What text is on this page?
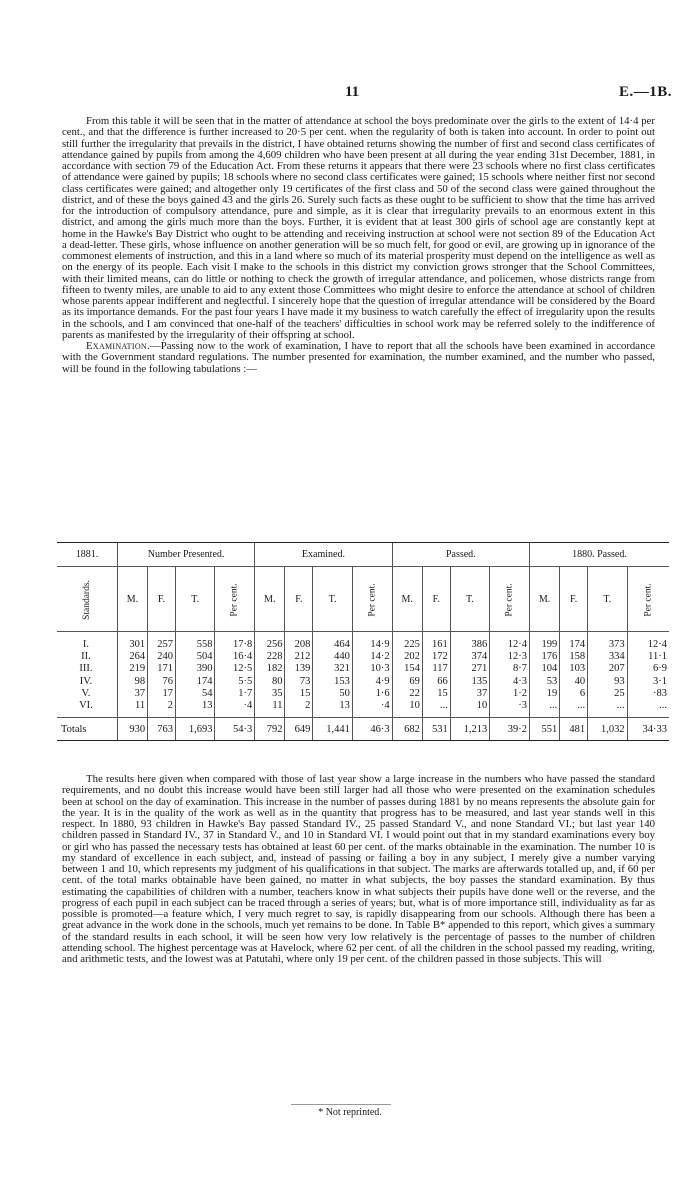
11	E.—1B.

From this table it will be seen that in the matter of attendance at school the boys predominate over the girls to the extent of 14·4 per cent., and that the difference is further increased to 20·5 per cent. when the regularity of both is taken into account. In order to point out still further the irregularity that prevails in the district, I have obtained returns showing the number of first and second class certificates of attendance gained by pupils from among the 4,609 children who have been present at all during the year ending 31st December, 1881, in accordance with section 79 of the Education Act. From these returns it appears that there were 23 schools where no first class certificates of attendance were gained by pupils; 18 schools where no second class certificates were gained; 15 schools where neither first nor second class certificates were gained; and altogether only 19 certificates of the first class and 50 of the second class were gained throughout the district, and of these the boys gained 43 and the girls 26. Surely such facts as these ought to be sufficient to show that the time has arrived for the introduction of compulsory attendance, pure and simple, as it is clear that irregularity prevails to an enormous extent in this district, and among the girls much more than the boys. Further, it is evident that at least 300 girls of school age are constantly kept at home in the Hawke's Bay District who ought to be attending and receiving instruction at school were not section 89 of the Education Act a dead-letter. These girls, whose influence on another generation will be so much felt, for good or evil, are growing up in ignorance of the commonest elements of instruction, and this in a land where so much of its material prosperity must depend on the intelligence as well as on the energy of its people. Each visit I make to the schools in this district my conviction grows stronger that the School Committees, with their limited means, can do little or nothing to check the growth of irregular attendance, and policemen, whose districts range from fifteen to twenty miles, are unable to aid to any extent those Committees who might desire to enforce the attendance at school of children whose parents appear indifferent and neglectful. I sincerely hope that the question of irregular attendance will be considered by the Board as its importance demands. For the past four years I have made it my business to watch carefully the effect of irregularity upon the results in the schools, and I am convinced that one-half of the teachers' difficulties in school work may be referred solely to the indifference of parents as manifested by the irregularity of their offspring at school.

Examination.—Passing now to the work of examination, I have to report that all the schools have been examined in accordance with the Government standard regulations. The number presented for examination, the number examined, and the number who passed, will be found in the following tabulations :—

1881.	Number Presented.				Examined.				Passed.				1880. Passed.			
Standards.	M.	F.	T.	Per cent.	M.	F.	T.	Per cent.	M.	F.	T.	Per cent.	M.	F.	T.	Per cent.
I.	301	257	558	17·8	256	208	464	14·9	225	161	386	12·4	199	174	373	12·4
II.	264	240	504	16·4	228	212	440	14·2	202	172	374	12·3	176	158	334	11·1
III.	219	171	390	12·5	182	139	321	10·3	154	117	271	8·7	104	103	207	6·9
IV.	98	76	174	5·5	80	73	153	4·9	69	66	135	4·3	53	40	93	3·1
V.	37	17	54	1·7	35	15	50	1·6	22	15	37	1·2	19	6	25	·83
VI.	11	2	13	·4	11	2	13	·4	10	...	10	·3	...	...	...	...
Totals	930	763	1,693	54·3	792	649	1,441	46·3	682	531	1,213	39·2	551	481	1,032	34·33

The results here given when compared with those of last year show a large increase in the numbers who have passed the standard requirements, and no doubt this increase would have been still larger had all those who were presented on the examination schedules been at school on the day of examination. This increase in the number of passes during 1881 by no means represents the absolute gain for the year. It is in the quality of the work as well as in the quantity that progress has to be measured, and last year stands well in this respect. In 1880, 93 children in Hawke's Bay passed Standard IV., 25 passed Standard V., and none Standard VI.; but last year 140 children passed in Standard IV., 37 in Standard V., and 10 in Standard VI. I would point out that in my standard examinations every boy or girl who has passed the necessary tests has obtained at least 60 per cent. of the marks obtainable in the examination. The number 10 is my standard of excellence in each subject, and, instead of passing or failing a boy in any subject, I merely give a number varying between 1 and 10, which represents my judgment of his qualifications in that subject. The marks are afterwards totalled up, and, if 60 per cent. of the total marks obtainable have been gained, no matter in what subjects, the boy passes the standard examination. By thus estimating the capabilities of children with a number, teachers know in what subjects their pupils have done well or the reverse, and the progress of each pupil in each subject can be traced through a series of years; but, what is of more importance still, individuality as far as possible is promoted—a feature which, I very much regret to say, is rapidly disappearing from our schools. Although there has been a great advance in the work done in the schools, much yet remains to be done. In Table B* appended to this report, which gives a summary of the standard results in each school, it will be seen how very low relatively is the percentage of passes to the number of children attending school. The highest percentage was at Havelock, where 62 per cent. of all the children in the school passed my reading, writing, and arithmetic tests, and the lowest was at Patutahi, where only 19 per cent. of the children passed in those subjects. This will

* Not reprinted.
